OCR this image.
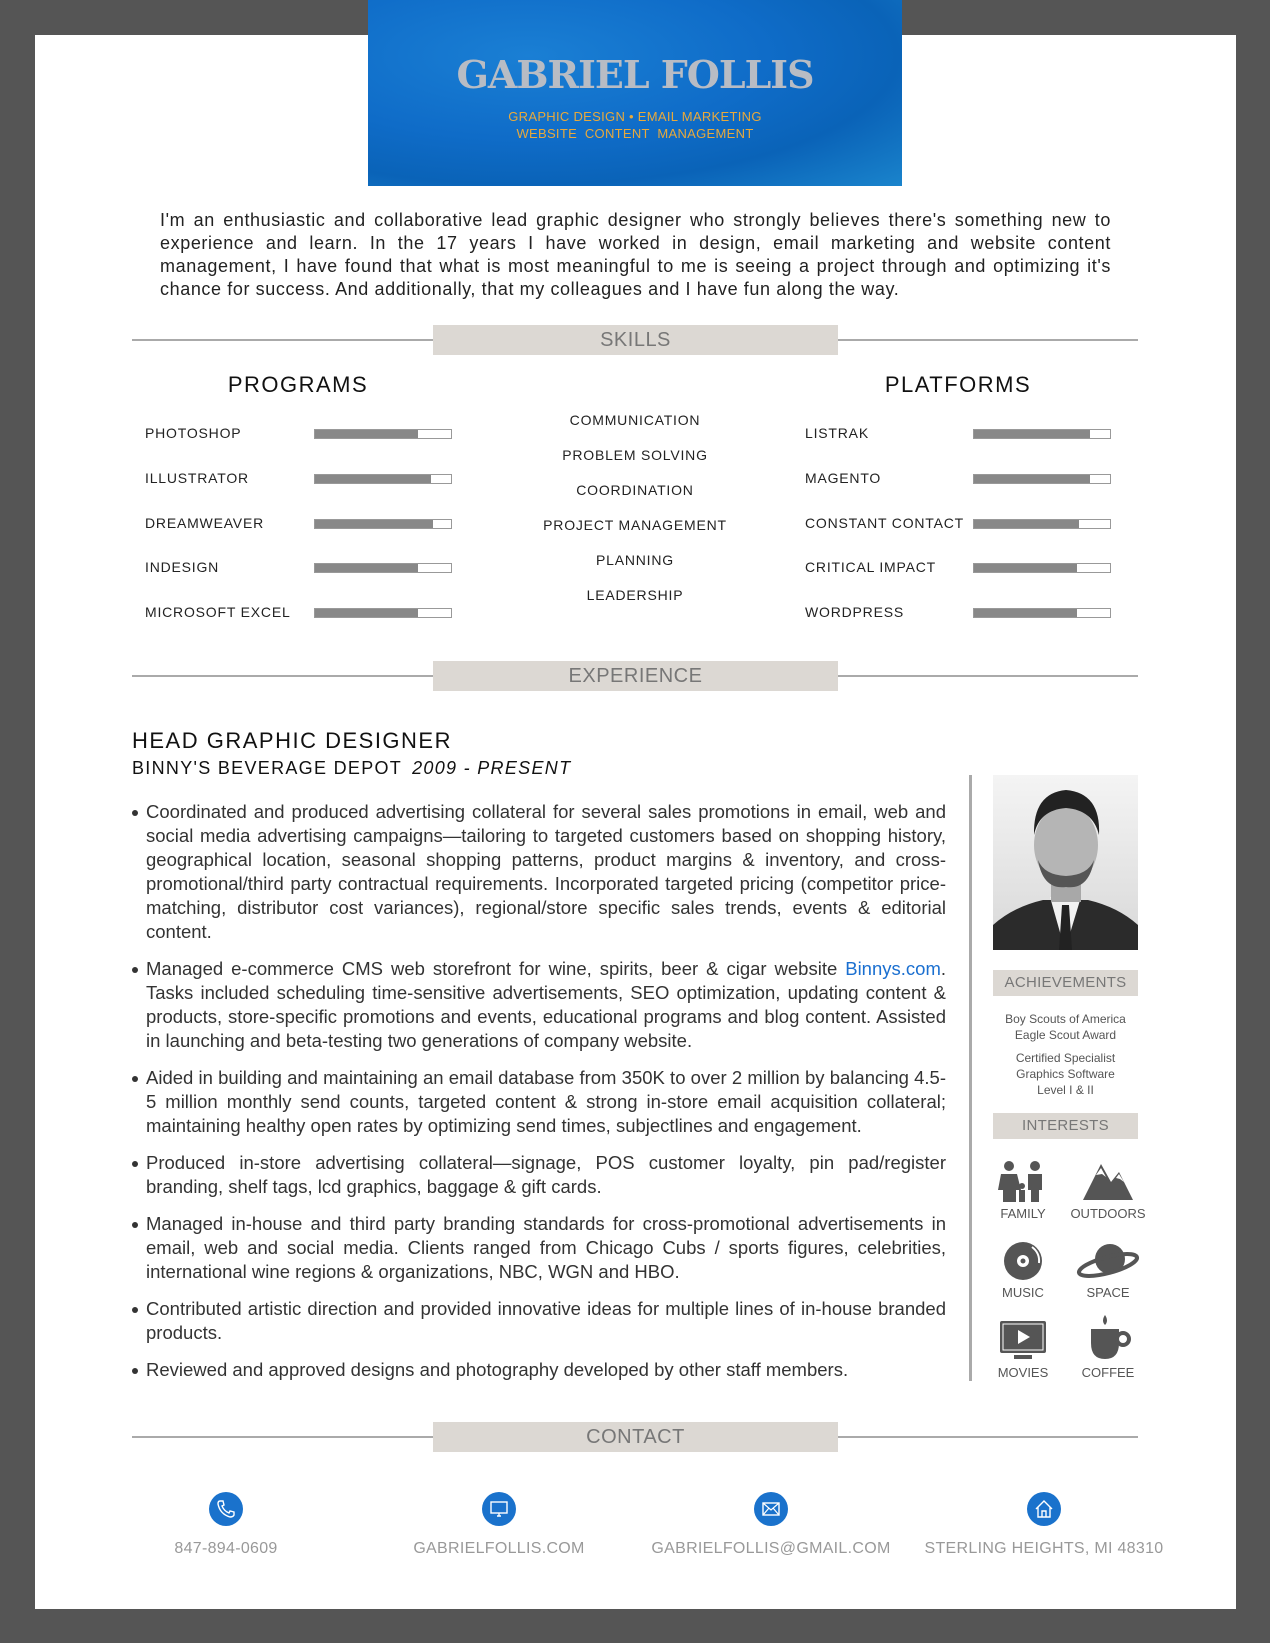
GABRIEL FOLLIS
GRAPHIC DESIGN • EMAIL MARKETING
WEBSITE  CONTENT  MANAGEMENT

I'm an enthusiastic and collaborative lead graphic designer who strongly believes there's something new to experience and learn. In the 17 years I have worked in design, email marketing and website content management, I have found that what is most meaningful to me is seeing a project through and optimizing it's chance for success. And additionally, that my colleagues and I have fun along the way.

SKILLS
PROGRAMS	PLATFORMS
PHOTOSHOP
ILLUSTRATOR
DREAMWEAVER
INDESIGN
MICROSOFT EXCEL
LISTRAK
MAGENTO
CONSTANT CONTACT
CRITICAL IMPACT
WORDPRESS
COMMUNICATION
PROBLEM SOLVING
COORDINATION
PROJECT MANAGEMENT
PLANNING
LEADERSHIP
EXPERIENCE
HEAD GRAPHIC DESIGNER
BINNY'S BEVERAGE DEPOT 2009 - PRESENT
Coordinated and produced advertising collateral for several sales promotions in email, web and social media advertising campaigns—tailoring to targeted customers based on shopping history, geographical location, seasonal shopping patterns, product margins & inventory, and cross-promotional/third party contractual requirements. Incorporated targeted pricing (competitor price-matching, distributor cost variances), regional/store specific sales trends, events & editorial content.
Managed e-commerce CMS web storefront for wine, spirits, beer & cigar website Binnys.com. Tasks included scheduling time-sensitive advertisements, SEO optimization, updating content & products, store-specific promotions and events, educational programs and blog content. Assisted in launching and beta-testing two generations of company website.
Aided in building and maintaining an email database from 350K to over 2 million by balancing 4.5-5 million monthly send counts, targeted content & strong in-store email acquisition collateral; maintaining healthy open rates by optimizing send times, subjectlines and engagement.
Produced in-store advertising collateral—signage, POS customer loyalty, pin pad/register branding, shelf tags, lcd graphics, baggage & gift cards.
Managed in-house and third party branding standards for cross-promotional advertisements in email, web and social media. Clients ranged from Chicago Cubs / sports figures, celebrities, international wine regions & organizations, NBC, WGN and HBO.
Contributed artistic direction and provided innovative ideas for multiple lines of in-house branded products.
Reviewed and approved designs and photography developed by other staff members.
ACHIEVEMENTS
Boy Scouts of America
Eagle Scout Award
Certified Specialist
Graphics Software
Level I & II
INTERESTS
FAMILY	OUTDOORS
MUSIC	SPACE
MOVIES	COFFEE
CONTACT
847-894-0609	GABRIELFOLLIS.COM	GABRIELFOLLIS@GMAIL.COM	STERLING HEIGHTS, MI 48310
